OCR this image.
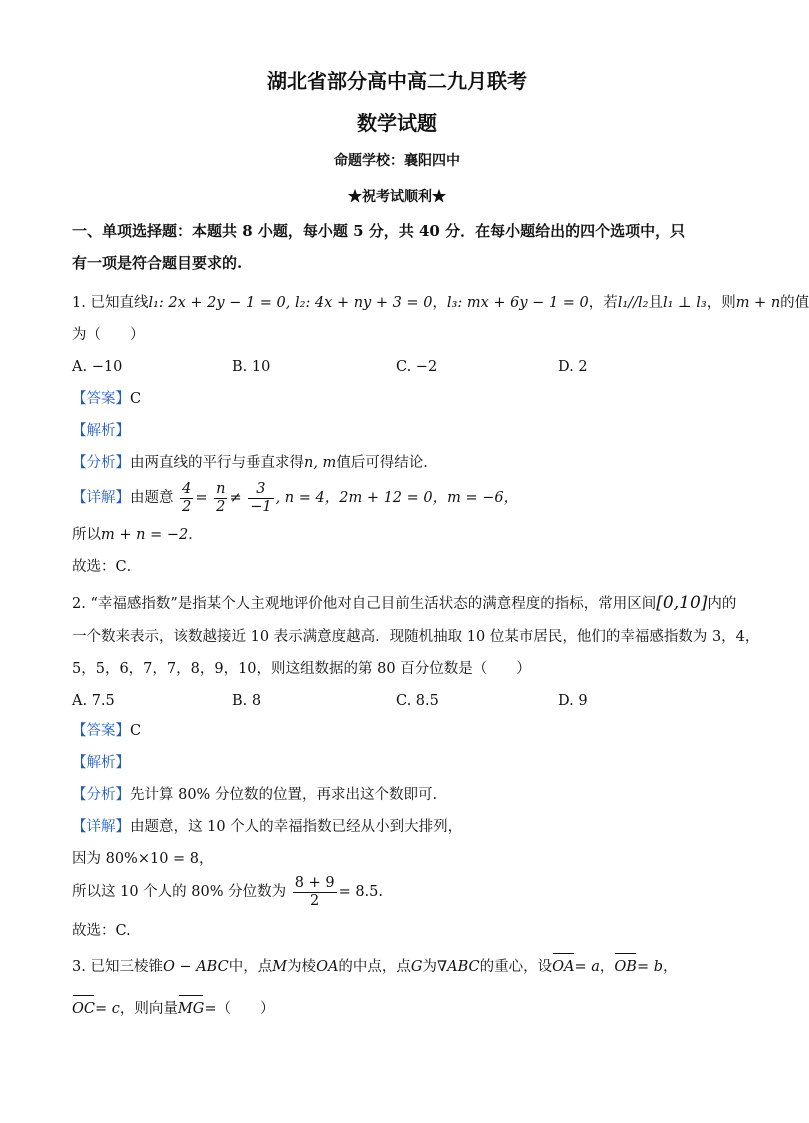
湖北省部分高中高二九月联考
数学试题
命题学校：襄阳四中
★祝考试顺利★
一、单项选择题：本题共 8 小题，每小题 5 分，共 40 分．在每小题给出的四个选项中，只
有一项是符合题目要求的.
1. 已知直线l₁: 2x + 2y − 1 = 0, l₂: 4x + ny + 3 = 0，l₃: mx + 6y − 1 = 0，若l₁//l₂且l₁ ⊥ l₃，则m + n的值
为（　　）
A. −10	B. 10	C. −2	D. 2
【答案】C
【解析】
【分析】由两直线的平行与垂直求得n, m值后可得结论.
【详解】由题意 $\frac{4}{2} = \frac{n}{2} \ne \frac{3}{-1}$ , n = 4，2m + 12 = 0，m = −6，
所以m + n = −2．
故选：C．
2. “幸福感指数”是指某个人主观地评价他对自己目前生活状态的满意程度的指标，常用区间[0,10]内的
一个数来表示，该数越接近 10 表示满意度越高．现随机抽取 10 位某市居民，他们的幸福感指数为 3，4，
5，5，6，7，7，8，9，10，则这组数据的第 80 百分位数是（　　）
A. 7.5	B. 8	C. 8.5	D. 9
【答案】C
【解析】
【分析】先计算 80% 分位数的位置，再求出这个数即可.
【详解】由题意，这 10 个人的幸福指数已经从小到大排列，
因为 80%×10 = 8，
所以这 10 个人的 80% 分位数为 $\frac{8 + 9}{2} = 8.5$.
故选：C.
3. 已知三棱锥O − ABC中，点M为棱OA的中点，点G为∇ABC的重心，设OA= a，OB= b，
OC= c，则向量MG=（　　）
